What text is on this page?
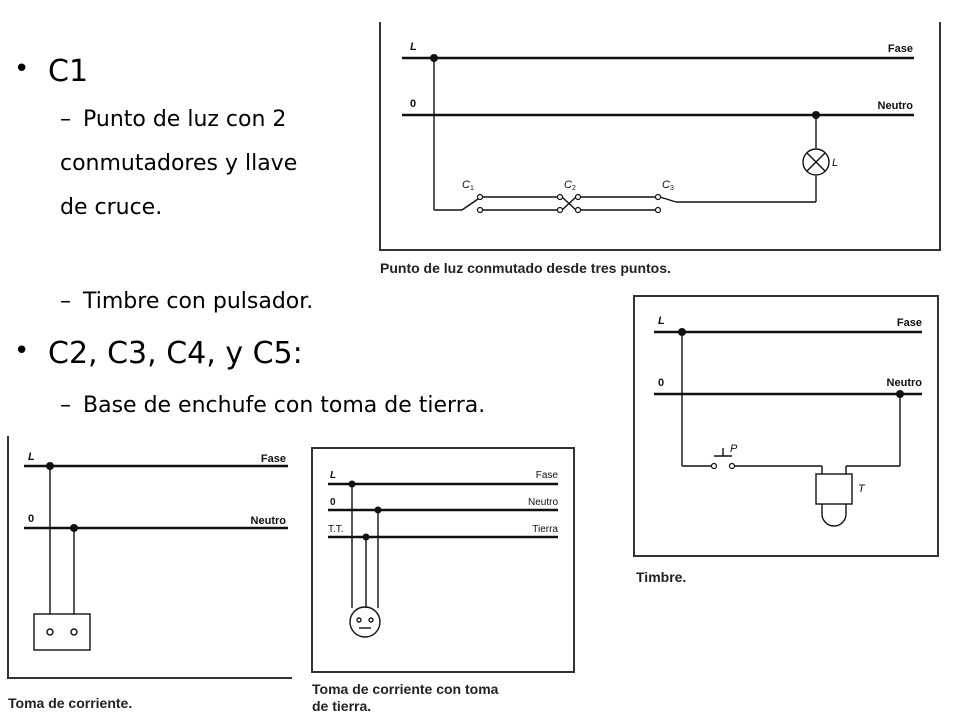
• C1
– Punto de luz con 2
conmutadores y llave
de cruce.
– Timbre con pulsador.
• C2, C3, C4, y C5:
– Base de enchufe con toma de tierra.
L	Fase
0	Neutro
L
C 1	C 2	C 3
Punto de luz conmutado desde tres puntos.
L	Fase
0	Neutro
P
T
Timbre.
L	Fase
0	Neutro
Toma de corriente.
L	Fase
0	Neutro
T.T.	Tierra
Toma de corriente con toma
de tierra.
